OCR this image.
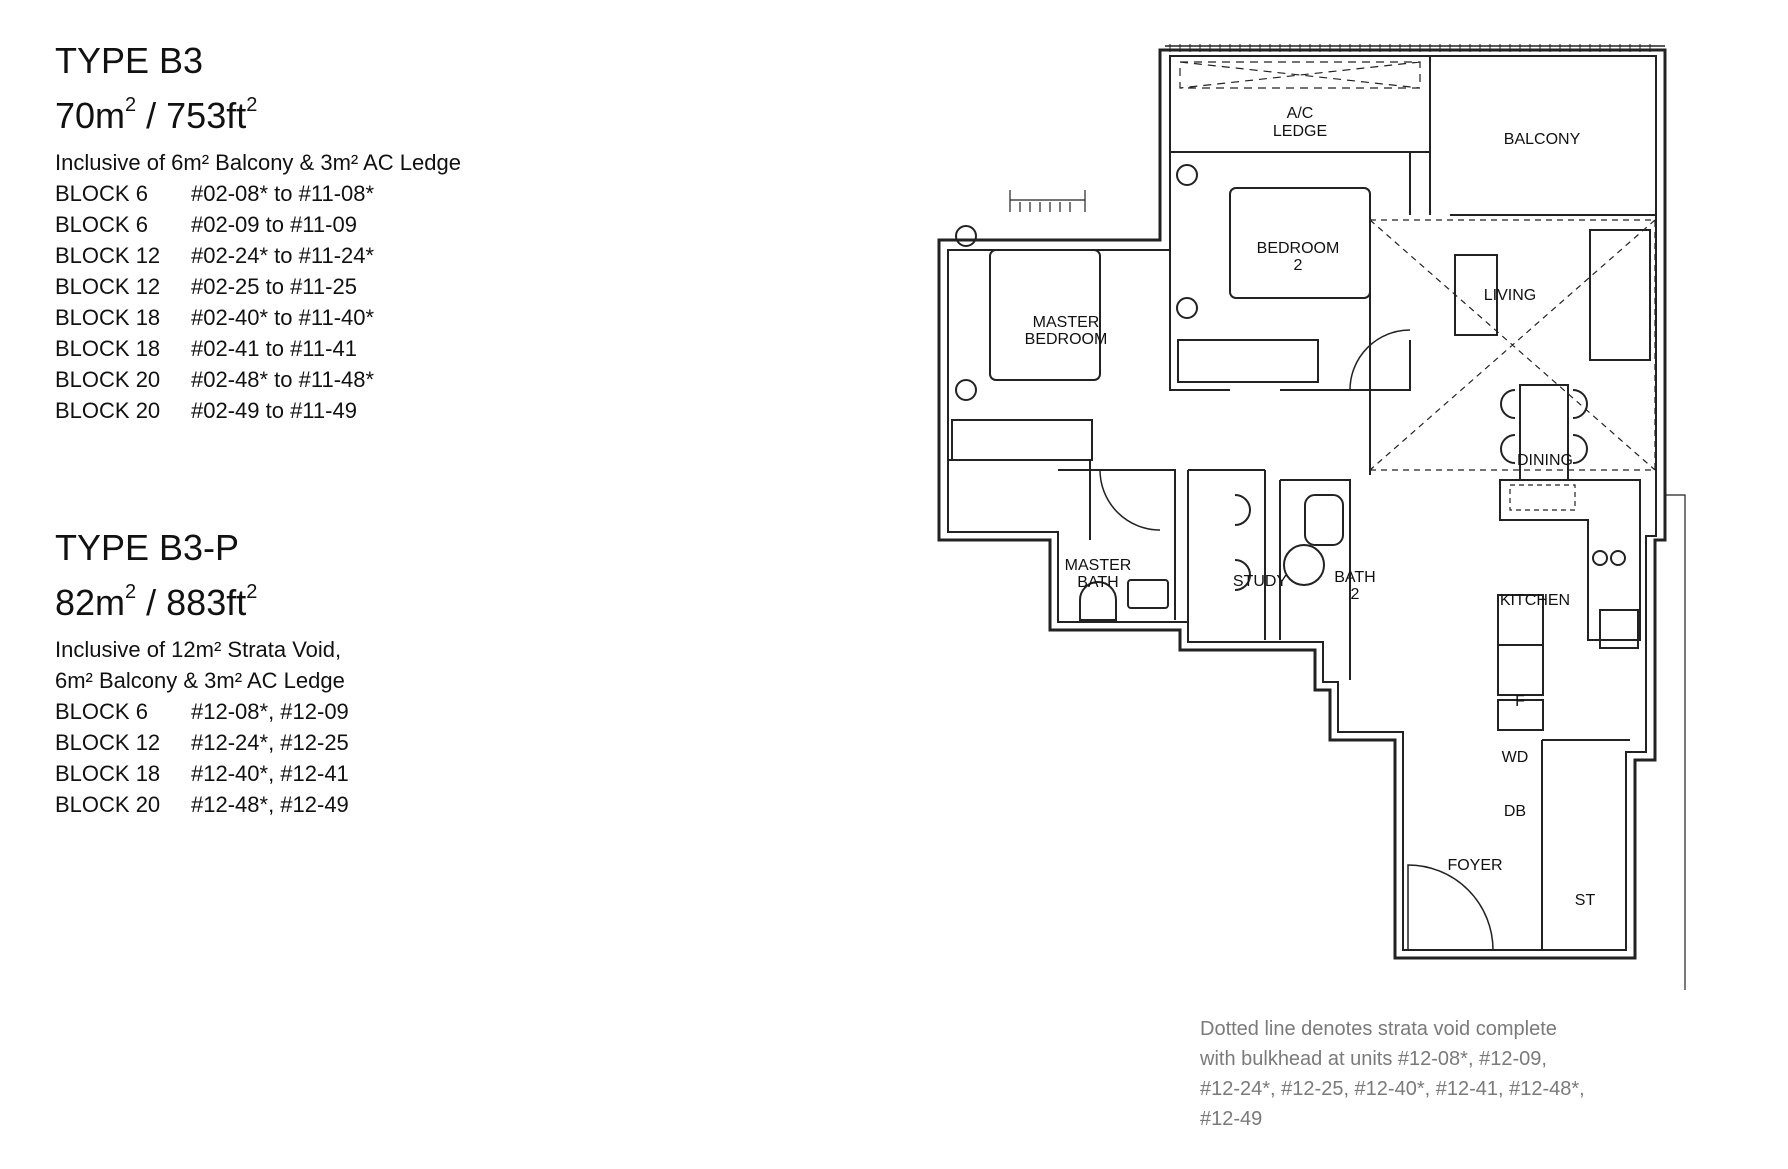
TYPE B3
$70m^2 / 753ft^2$
Inclusive of 6m² Balcony & 3m² AC Ledge
BLOCK 6	#02-08* to #11-08*
BLOCK 6	#02-09 to #11-09
BLOCK 12	#02-24* to #11-24*
BLOCK 12	#02-25 to #11-25
BLOCK 18	#02-40* to #11-40*
BLOCK 18	#02-41 to #11-41
BLOCK 20	#02-48* to #11-48*
BLOCK 20	#02-49 to #11-49
TYPE B3-P
$82m^2 / 883ft^2$
Inclusive of 12m² Strata Void,
6m² Balcony & 3m² AC Ledge
BLOCK 6	#12-08*, #12-09
BLOCK 12	#12-24*, #12-25
BLOCK 18	#12-40*, #12-41
BLOCK 20	#12-48*, #12-49
A/C
LEDGE	BALCONY
BEDROOM
2
MASTER
BEDROOM
LIVING
DINING
MASTER
BATH	STUDY	BATH
2	KITCHEN
F
WD
DB
FOYER
ST
Dotted line denotes strata void complete
with bulkhead at units #12-08*, #12-09,
#12-24*, #12-25, #12-40*, #12-41, #12-48*,
#12-49
